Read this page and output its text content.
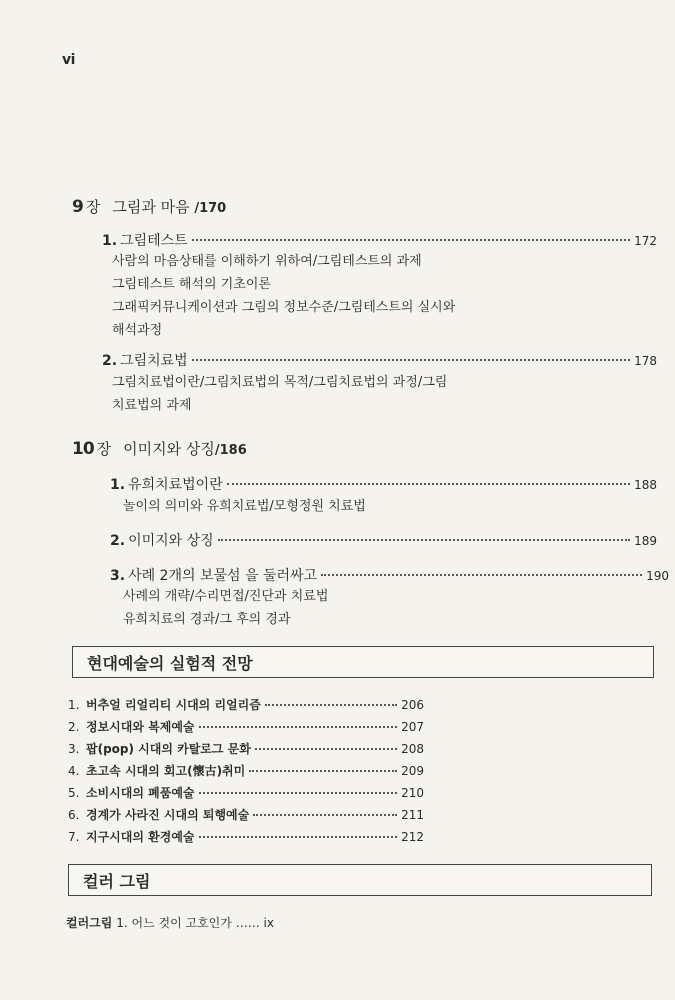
vi
9 장 그림과 마음 /170
1. 그림테스트	172
사람의 마음상태를 이해하기 위하여/그림테스트의 과제
그림테스트 해석의 기초이론
그래픽커뮤니케이션과 그림의 정보수준/그림테스트의 실시와
해석과정
2. 그림치료법	178
그림치료법이란/그림치료법의 목적/그림치료법의 과정/그림
치료법의 과제
10 장 이미지와 상징/186
1. 유희치료법이란	188
놀이의 의미와 유희치료법/모형정원 치료법
2. 이미지와 상징	189
3. 사례 2개의 보물섬 을 둘러싸고	190
사례의 개략/수리면접/진단과 치료법
유희치료의 경과/그 후의 경과
현대예술의 실험적 전망
1. 버추얼 리얼리티 시대의 리얼리즘	206
2. 정보시대와 복제예술	207
3. 팝(pop) 시대의 카탈로그 문화	208
4. 초고속 시대의 회고(懷古)취미	209
5. 소비시대의 폐품예술	210
6. 경계가 사라진 시대의 퇴행예술	211
7. 지구시대의 환경예술	212
컬러 그림
컬러그림 1. 어느 것이 고호인가 …… ix
